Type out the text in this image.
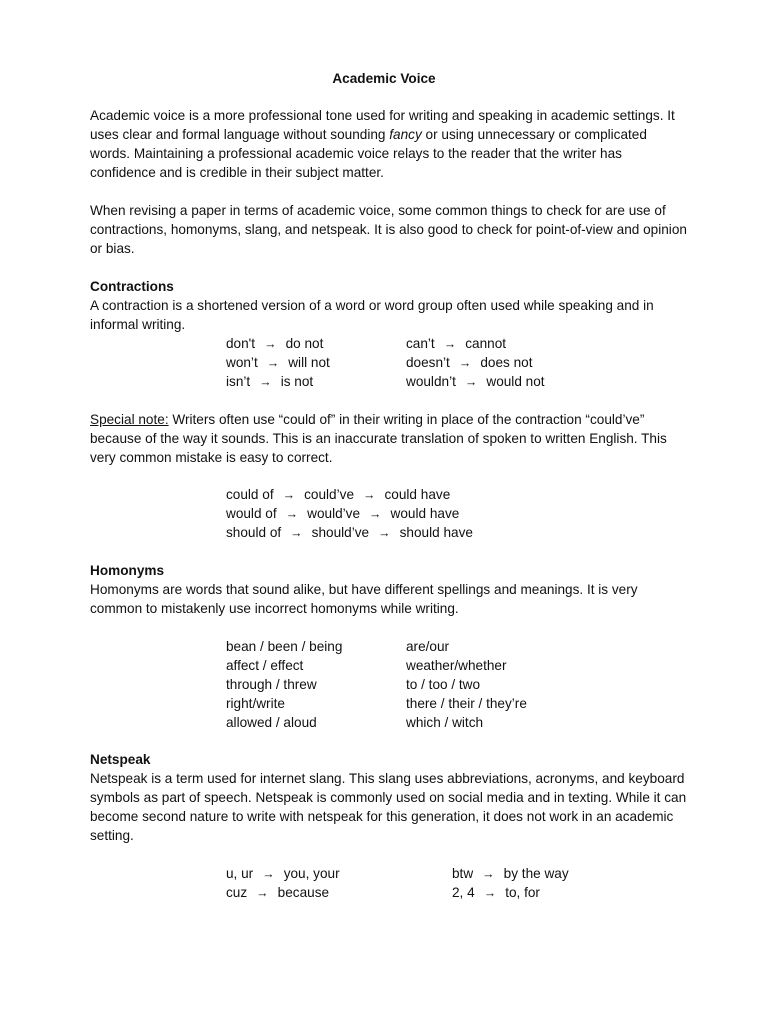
Academic Voice

Academic voice is a more professional tone used for writing and speaking in academic settings. It uses clear and formal language without sounding fancy or using unnecessary or complicated words. Maintaining a professional academic voice relays to the reader that the writer has confidence and is credible in their subject matter.

When revising a paper in terms of academic voice, some common things to check for are use of contractions, homonyms, slang, and netspeak. It is also good to check for point-of-view and opinion or bias.

Contractions

A contraction is a shortened version of a word or word group often used while speaking and in informal writing.

don't → do not
won’t → will not
isn’t → is not
can’t → cannot
doesn’t → does not
wouldn’t → would not

Special note: Writers often use “could of” in their writing in place of the contraction “could’ve” because of the way it sounds. This is an inaccurate translation of spoken to written English. This very common mistake is easy to correct.

could of → could’ve → could have
would of → would’ve → would have
should of → should’ve → should have

Homonyms

Homonyms are words that sound alike, but have different spellings and meanings. It is very common to mistakenly use incorrect homonyms while writing.

bean / been / being
affect / effect
through / threw
right/write
allowed / aloud
are/our
weather/whether
to / too / two
there / their / they’re
which / witch

Netspeak

Netspeak is a term used for internet slang. This slang uses abbreviations, acronyms, and keyboard symbols as part of speech. Netspeak is commonly used on social media and in texting. While it can become second nature to write with netspeak for this generation, it does not work in an academic setting.

u, ur → you, your
cuz → because
btw → by the way
2, 4 → to, for
